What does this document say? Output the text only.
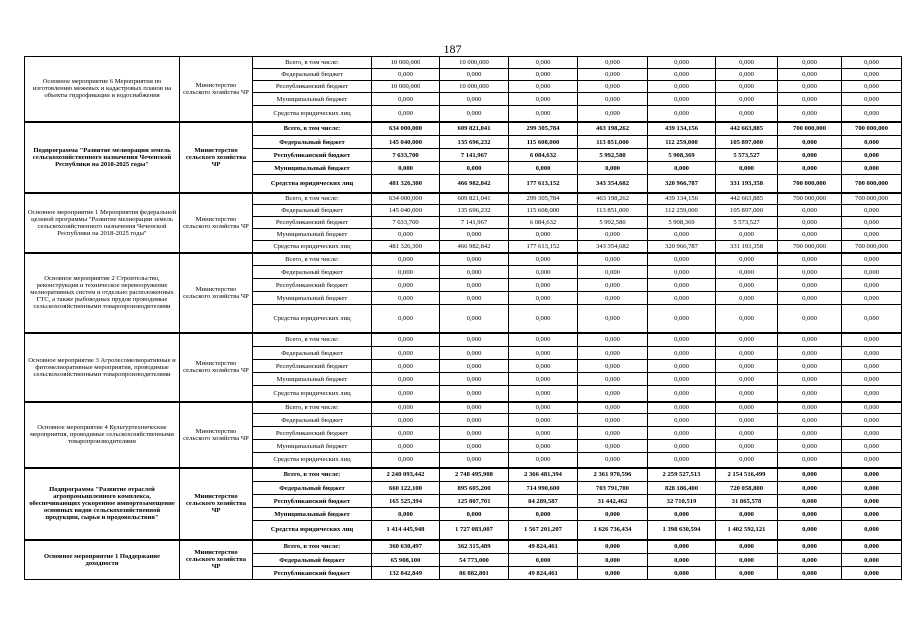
187
Основное мероприятие 6 Мероприятия по изготовлению межевых и кадастровых планов на объекты гидрофикации и водоснабжения	Министерство сельского хозяйства ЧР	Всего, в том числе:	10 000,000	10 000,000	0,000	0,000	0,000	0,000	0,000	0,000
		Федеральный бюджет	0,000	0,000	0,000	0,000	0,000	0,000	0,000	0,000
		Республиканский бюджет	10 000,000	10 000,000	0,000	0,000	0,000	0,000	0,000	0,000
		Муниципальный бюджет	0,000	0,000	0,000	0,000	0,000	0,000	0,000	0,000
		Средства юридических лиц	0,000	0,000	0,000	0,000	0,000	0,000	0,000	0,000
Подпрограмма "Развитие мелиорации земель сельскохозяйственного назначения Чеченской Республики на 2018-2025 годы"	Министерство сельского хозяйства ЧР	Всего, в том числе:	634 000,000	609 821,041	299 305,784	463 198,262	439 134,156	442 663,885	700 000,000	700 000,000
		Федеральный бюджет	145 040,000	135 696,232	115 608,000	113 851,000	112 259,000	105 897,000	0,000	0,000
		Республиканский бюджет	7 633,700	7 141,967	6 084,632	5 992,580	5 908,369	5 573,527	0,000	0,000
		Муниципальный бюджет	0,000	0,000	0,000	0,000	0,000	0,000	0,000	0,000
		Средства юридических лиц	481 326,300	466 982,842	177 613,152	343 354,682	320 966,787	331 193,358	700 000,000	700 000,000
Основное мероприятие 1 Мероприятия федеральной целевой программы "Развитие мелиорации земель сельскохозяйственного назначения Чеченской Республики на 2018-2025 годы"	Министерство сельского хозяйства ЧР	Всего, в том числе:	634 000,000	609 821,041	299 305,784	463 198,262	439 134,156	442 663,885	700 000,000	700 000,000
		Федеральный бюджет	145 040,000	135 696,232	115 608,000	113 851,000	112 259,000	105 897,000	0,000	0,000
		Республиканский бюджет	7 633,700	7 141,967	6 084,632	5 992,580	5 908,369	5 573,527	0,000	0,000
		Муниципальный бюджет	0,000	0,000	0,000	0,000	0,000	0,000	0,000	0,000
		Средства юридических лиц	481 326,300	466 982,842	177 613,152	343 354,682	320 966,787	331 193,358	700 000,000	700 000,000
Основное мероприятие 2 Строительство, реконструкция и техническое перевооружение мелиоративных систем и отдельно расположенных ГТС, а также рыбоводных прудов проводимые сельскохозяйственными товаропроизводителями	Министерство сельского хозяйства ЧР	Всего, в том числе:	0,000	0,000	0,000	0,000	0,000	0,000	0,000	0,000
		Федеральный бюджет	0,000	0,000	0,000	0,000	0,000	0,000	0,000	0,000
		Республиканский бюджет	0,000	0,000	0,000	0,000	0,000	0,000	0,000	0,000
		Муниципальный бюджет	0,000	0,000	0,000	0,000	0,000	0,000	0,000	0,000
		Средства юридических лиц	0,000	0,000	0,000	0,000	0,000	0,000	0,000	0,000
Основное мероприятие 3 Агролесомелиоративные и фитомелиоративные мероприятия, проводимые сельскохозяйственными товаропроизводителями	Министерство сельского хозяйства ЧР	Всего, в том числе:	0,000	0,000	0,000	0,000	0,000	0,000	0,000	0,000
		Федеральный бюджет	0,000	0,000	0,000	0,000	0,000	0,000	0,000	0,000
		Республиканский бюджет	0,000	0,000	0,000	0,000	0,000	0,000	0,000	0,000
		Муниципальный бюджет	0,000	0,000	0,000	0,000	0,000	0,000	0,000	0,000
		Средства юридических лиц	0,000	0,000	0,000	0,000	0,000	0,000	0,000	0,000
Основное мероприятие 4 Культуртехнические мероприятия, проводимые сельскохозяйственными товаропроизводителями	Министерство сельского хозяйства ЧР	Всего, в том числе:	0,000	0,000	0,000	0,000	0,000	0,000	0,000	0,000
		Федеральный бюджет	0,000	0,000	0,000	0,000	0,000	0,000	0,000	0,000
		Республиканский бюджет	0,000	0,000	0,000	0,000	0,000	0,000	0,000	0,000
		Муниципальный бюджет	0,000	0,000	0,000	0,000	0,000	0,000	0,000	0,000
		Средства юридических лиц	0,000	0,000	0,000	0,000	0,000	0,000	0,000	0,000
Подпрограмма "Развитие отраслей агропромышленного комплекса, обеспечивающих ускоренное импортозамещение основных видов сельскохозяйственной продукции, сырья и продовольствия"	Министерство сельского хозяйства ЧР	Всего, в том числе:	2 240 093,442	2 748 495,908	2 366 481,394	2 361 970,596	2 259 527,513	2 154 516,499	0,000	0,000
		Федеральный бюджет	660 122,100	895 605,200	714 990,600	703 791,700	828 186,400	720 058,800	0,000	0,000
		Республиканский бюджет	165 525,394	125 807,701	84 289,587	31 442,462	32 710,519	31 865,578	0,000	0,000
		Муниципальный бюджет	0,000	0,000	0,000	0,000	0,000	0,000	0,000	0,000
		Средства юридических лиц	1 414 445,948	1 727 083,007	1 567 201,207	1 626 736,434	1 398 630,594	1 402 592,121	0,000	0,000
Основное мероприятие 1 Поддержание доходности	Министерство сельского хозяйства ЧР	Всего, в том числе:	360 630,497	362 315,489	49 824,461	0,000	0,000	0,000	0,000	0,000
		Федеральный бюджет	65 908,100	54 773,000	0,000	0,000	0,000	0,000	0,000	0,000
		Республиканский бюджет	132 842,849	86 882,801	49 824,461	0,000	0,000	0,000	0,000	0,000
